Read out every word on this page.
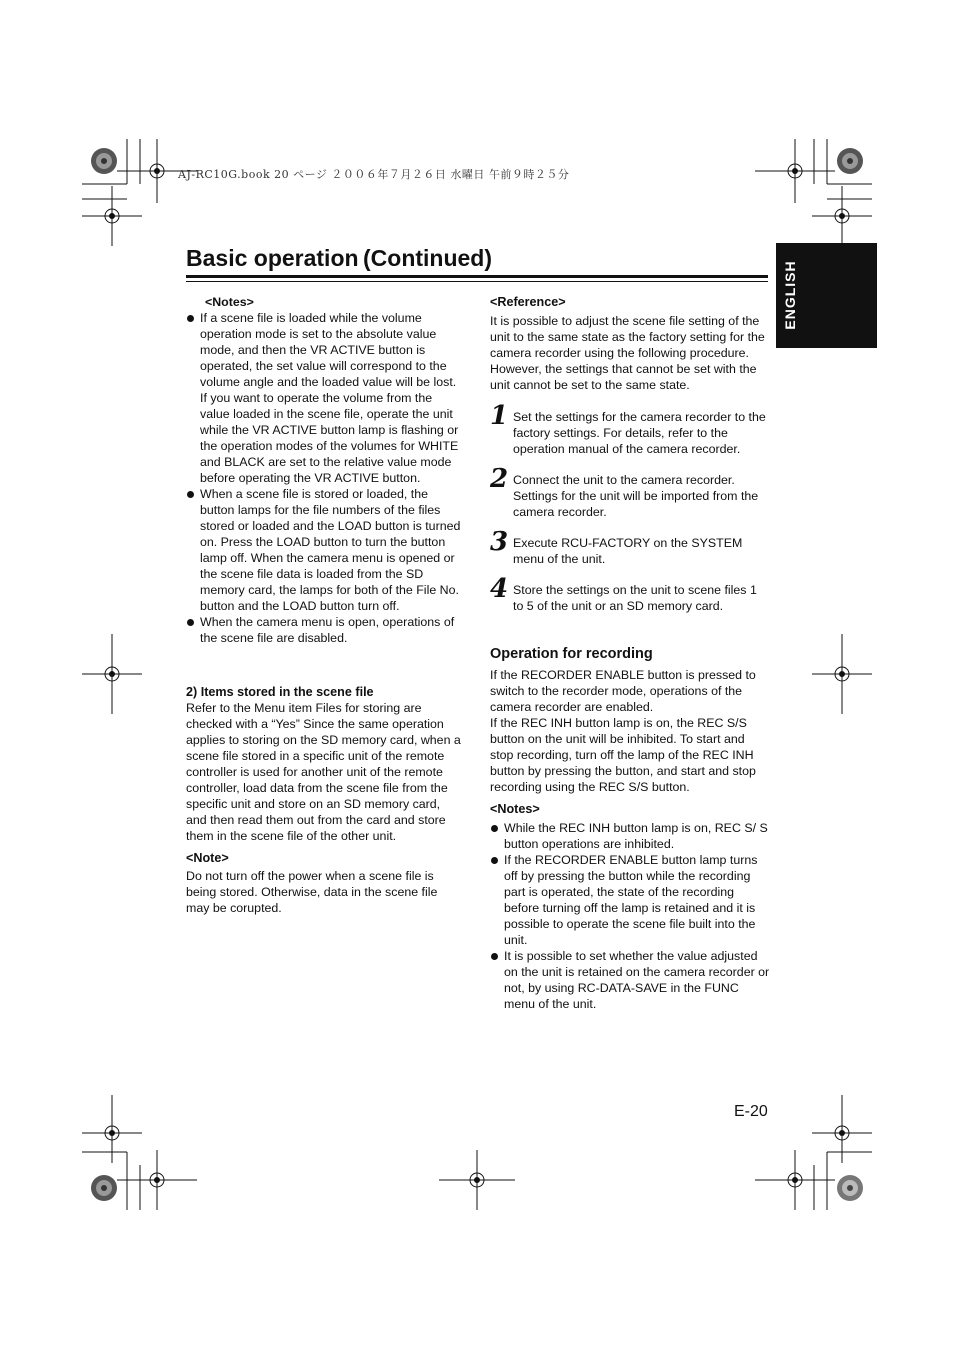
AJ-RC10G.book 20 ページ ２００６年７月２６日 水曜日 午前９時２５分
Basic operation (Continued)
ENGLISH
<Notes>

If a scene file is loaded while the volume operation mode is set to the absolute value mode, and then the VR ACTIVE button is operated, the set value will correspond to the volume angle and the loaded value will be lost.

If you want to operate the volume from the value loaded in the scene file, operate the unit while the VR ACTIVE button lamp is flashing or the operation modes of the volumes for WHITE and BLACK are set to the relative value mode before operating the VR ACTIVE button.

When a scene file is stored or loaded, the button lamps for the file numbers of the files stored or loaded and the LOAD button is turned on. Press the LOAD button to turn the button lamp off. When the camera menu is opened or the scene file data is loaded from the SD memory card, the lamps for both of the File No. button and the LOAD button turn off.
When the camera menu is open, operations of the scene file are disabled.
2) Items stored in the scene file

Refer to the Menu item Files for storing are checked with a “Yes” Since the same operation applies to storing on the SD memory card, when a scene file stored in a specific unit of the remote controller is used for another unit of the remote controller, load data from the scene file from the specific unit and store on an SD memory card, and then read them out from the card and store them in the scene file of the other unit.

<Note>

Do not turn off the power when a scene file is being stored. Otherwise, data in the scene file may be corupted.

<Reference>

It is possible to adjust the scene file setting of the unit to the same state as the factory setting for the camera recorder using the following procedure.

However, the settings that cannot be set with the unit cannot be set to the same state.

1 Set the settings for the camera recorder to the factory settings. For details, refer to the operation manual of the camera recorder.

2 Connect the unit to the camera recorder. Settings for the unit will be imported from the camera recorder.

3 Execute RCU-FACTORY on the SYSTEM menu of the unit.

4 Store the settings on the unit to scene files 1 to 5 of the unit or an SD memory card.

Operation for recording

If the RECORDER ENABLE button is pressed to switch to the recorder mode, operations of the camera recorder are enabled.

If the REC INH button lamp is on, the REC S/S button on the unit will be inhibited. To start and stop recording, turn off the lamp of the REC INH button by pressing the button, and start and stop recording using the REC S/S button.

<Notes>
While the REC INH button lamp is on, REC S/ S button operations are inhibited.
If the RECORDER ENABLE button lamp turns off by pressing the button while the recording part is operated, the state of the recording before turning off the lamp is retained and it is possible to operate the scene file built into the unit.
It is possible to set whether the value adjusted on the unit is retained on the camera recorder or not, by using RC-DATA-SAVE in the FUNC menu of the unit.
E-20
